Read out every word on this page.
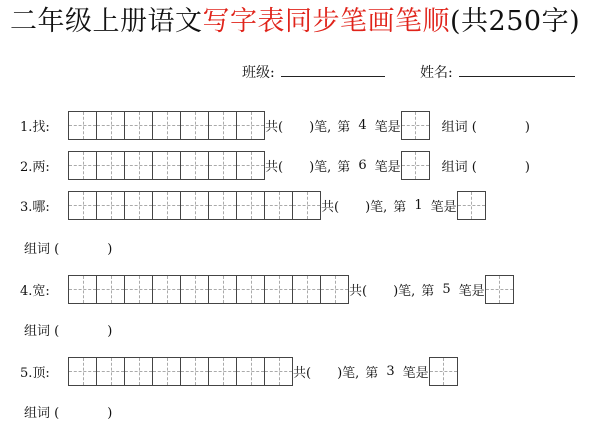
二年级上册语文写字表同步笔画笔顺(共250字)
班级:	姓名:
1.找:	共( )笔, 第 4 笔是	组词 (	)
2.两:	共( )笔, 第 6 笔是	组词 (	)
3.哪:	共( )笔, 第 1 笔是
组词 (	)
4.宽:	共( )笔, 第 5 笔是
组词 (	)
5.顶:	共( )笔, 第 3 笔是
组词 (	)
